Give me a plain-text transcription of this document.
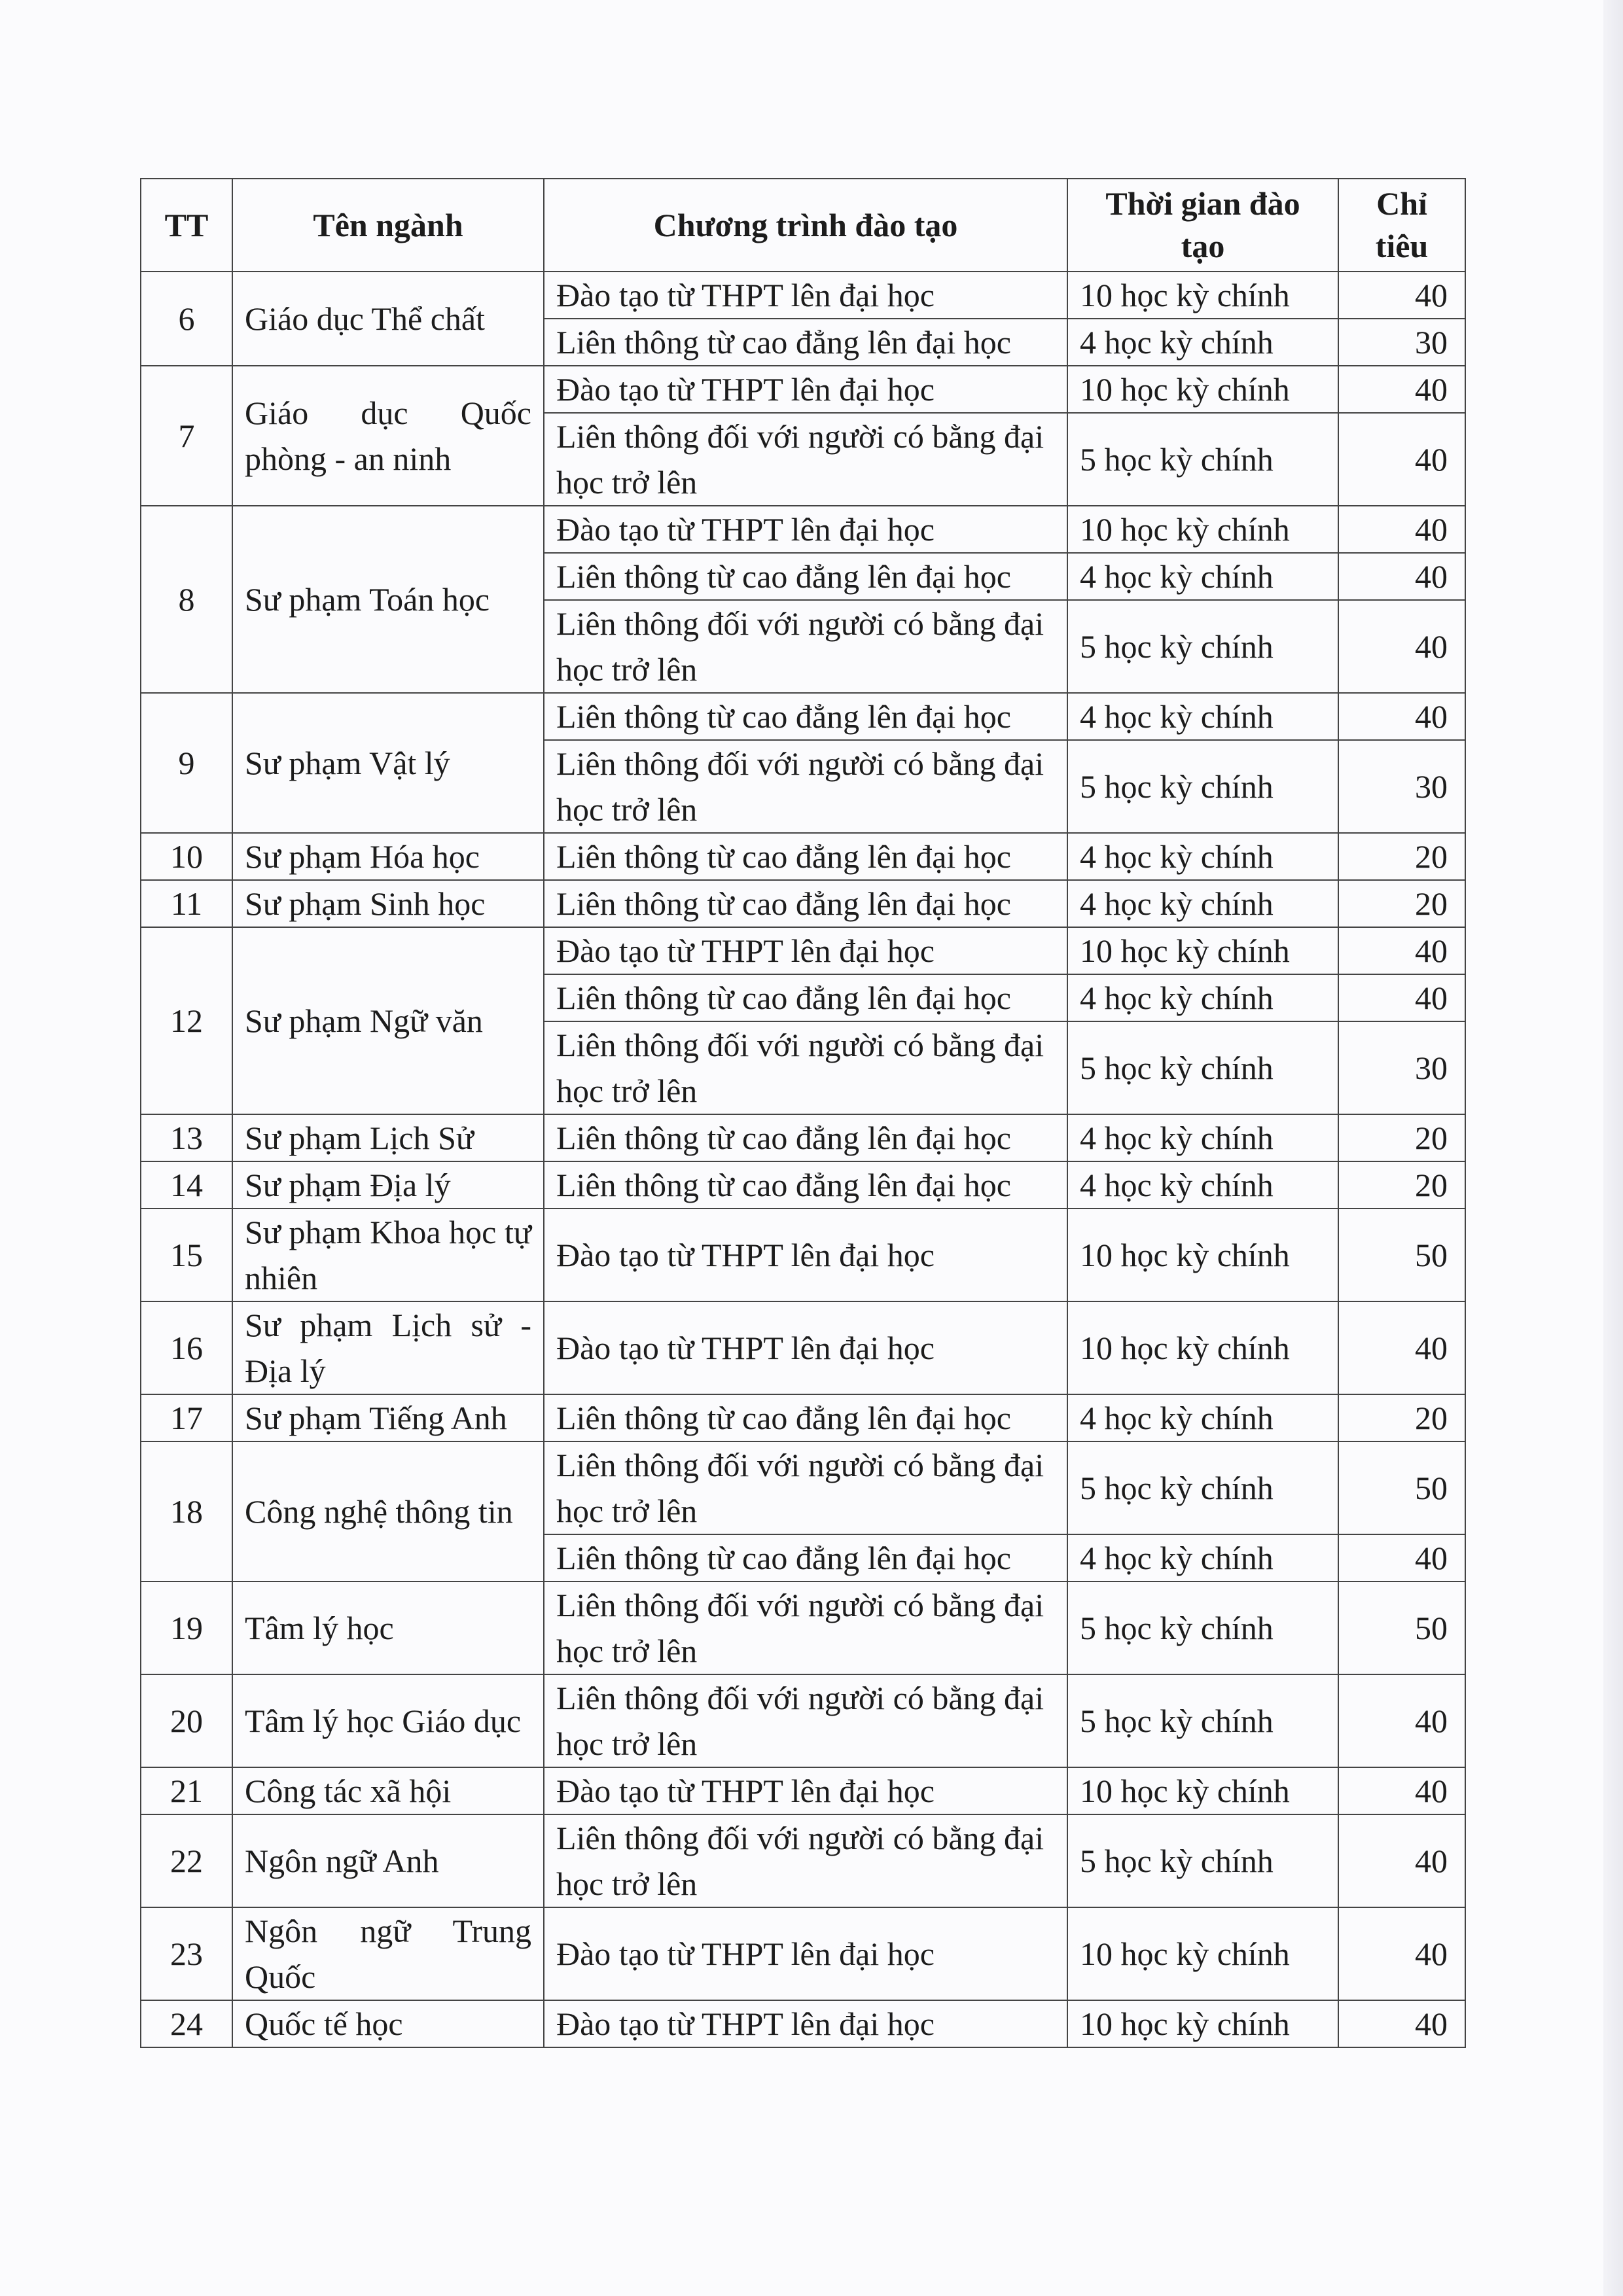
TT	Tên ngành	Chương trình đào tạo	Thời gian đào tạo	Chỉ tiêu
6	Giáo dục Thể chất	Đào tạo từ THPT lên đại học	10 học kỳ chính	40
		Liên thông từ cao đẳng lên đại học	4 học kỳ chính	30
7	Giáo dục Quốc phòng - an ninh	Đào tạo từ THPT lên đại học	10 học kỳ chính	40
		Liên thông đối với người có bằng đại học trở lên	5 học kỳ chính	40
8	Sư phạm Toán học	Đào tạo từ THPT lên đại học	10 học kỳ chính	40
		Liên thông từ cao đẳng lên đại học	4 học kỳ chính	40
		Liên thông đối với người có bằng đại học trở lên	5 học kỳ chính	40
9	Sư phạm Vật lý	Liên thông từ cao đẳng lên đại học	4 học kỳ chính	40
		Liên thông đối với người có bằng đại học trở lên	5 học kỳ chính	30
10	Sư phạm Hóa học	Liên thông từ cao đẳng lên đại học	4 học kỳ chính	20
11	Sư phạm Sinh học	Liên thông từ cao đẳng lên đại học	4 học kỳ chính	20
12	Sư phạm Ngữ văn	Đào tạo từ THPT lên đại học	10 học kỳ chính	40
		Liên thông từ cao đẳng lên đại học	4 học kỳ chính	40
		Liên thông đối với người có bằng đại học trở lên	5 học kỳ chính	30
13	Sư phạm Lịch Sử	Liên thông từ cao đẳng lên đại học	4 học kỳ chính	20
14	Sư phạm Địa lý	Liên thông từ cao đẳng lên đại học	4 học kỳ chính	20
15	Sư phạm Khoa học tự nhiên	Đào tạo từ THPT lên đại học	10 học kỳ chính	50
16	Sư phạm Lịch sử - Địa lý	Đào tạo từ THPT lên đại học	10 học kỳ chính	40
17	Sư phạm Tiếng Anh	Liên thông từ cao đẳng lên đại học	4 học kỳ chính	20
18	Công nghệ thông tin	Liên thông đối với người có bằng đại học trở lên	5 học kỳ chính	50
		Liên thông từ cao đẳng lên đại học	4 học kỳ chính	40
19	Tâm lý học	Liên thông đối với người có bằng đại học trở lên	5 học kỳ chính	50
20	Tâm lý học Giáo dục	Liên thông đối với người có bằng đại học trở lên	5 học kỳ chính	40
21	Công tác xã hội	Đào tạo từ THPT lên đại học	10 học kỳ chính	40
22	Ngôn ngữ Anh	Liên thông đối với người có bằng đại học trở lên	5 học kỳ chính	40
23	Ngôn ngữ Trung Quốc	Đào tạo từ THPT lên đại học	10 học kỳ chính	40
24	Quốc tế học	Đào tạo từ THPT lên đại học	10 học kỳ chính	40
